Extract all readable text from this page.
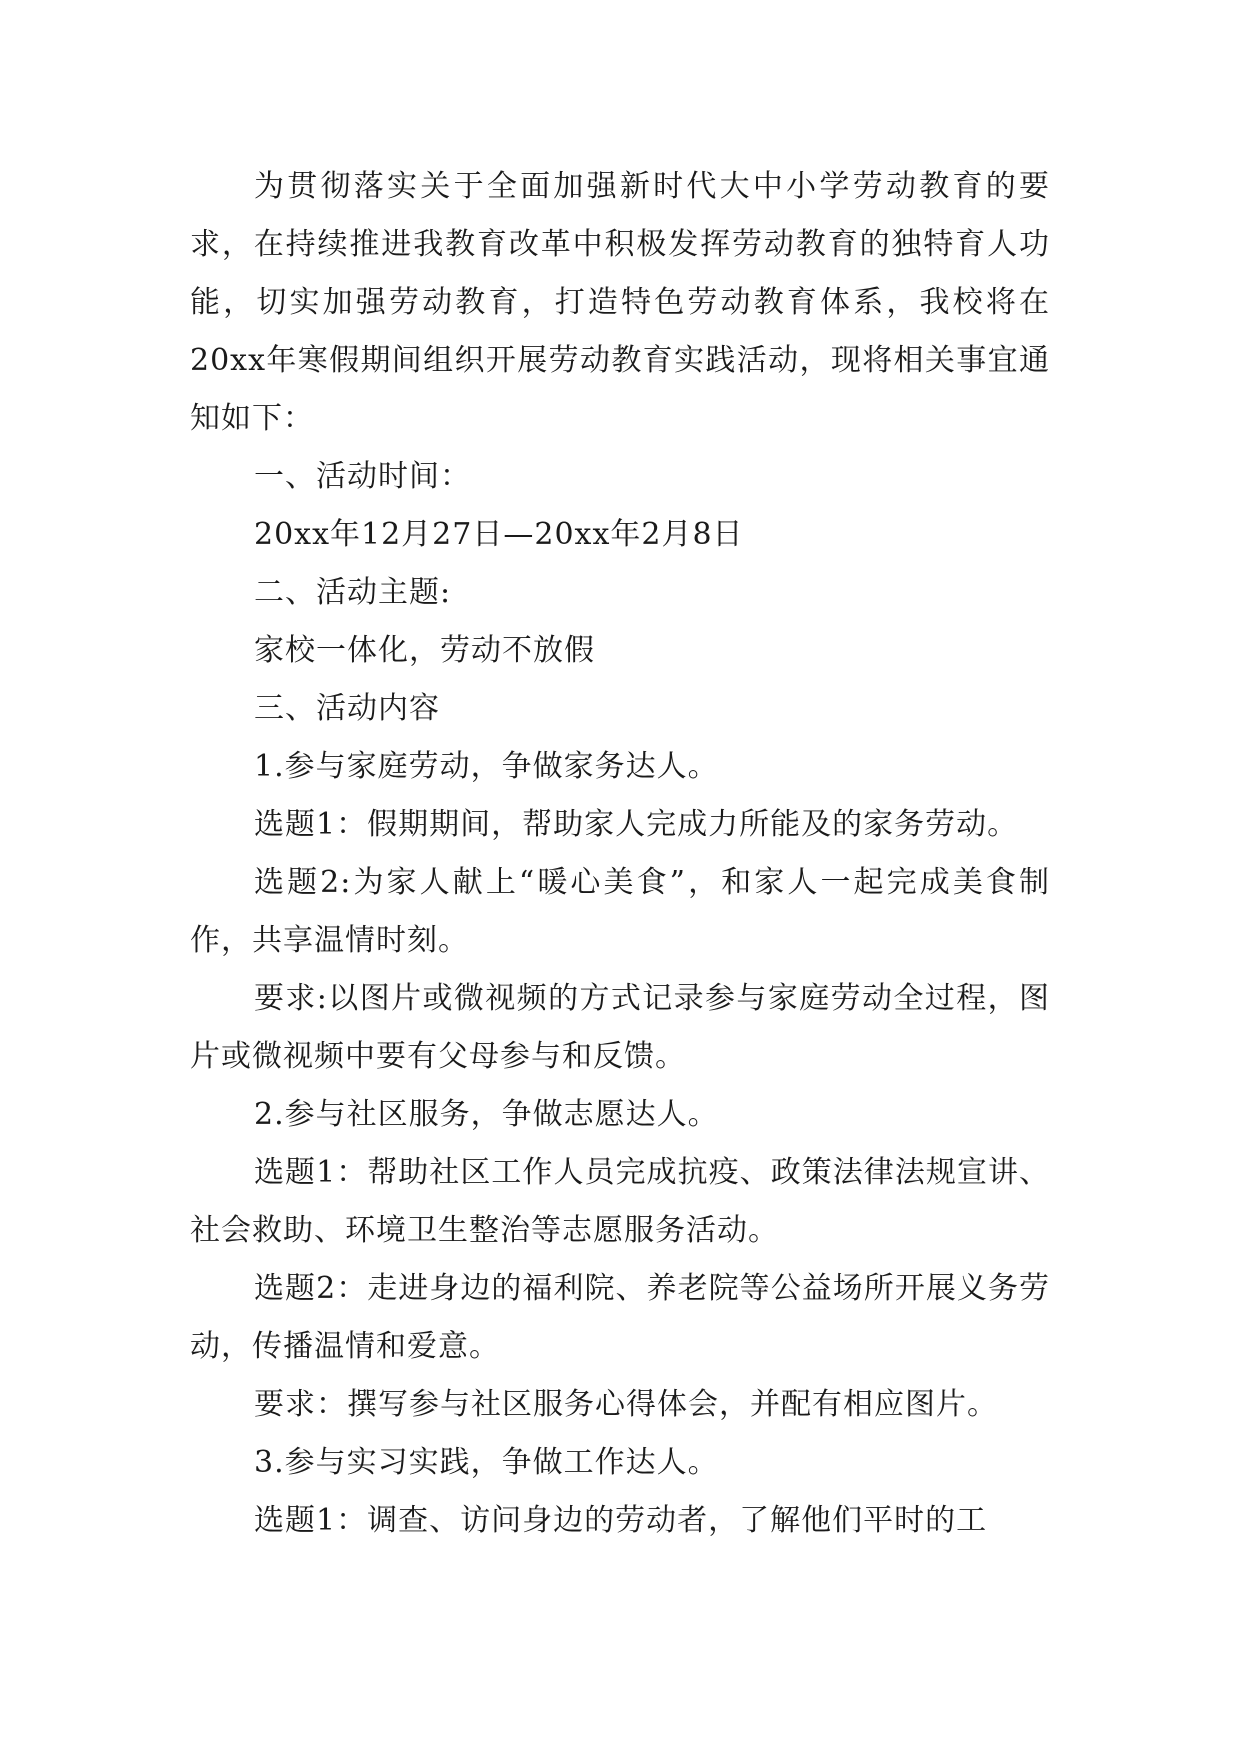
为贯彻落实关于全面加强新时代大中小学劳动教育的要求，在持续推进我教育改革中积极发挥劳动教育的独特育人功能，切实加强劳动教育，打造特色劳动教育体系，我校将在20xx年寒假期间组织开展劳动教育实践活动，现将相关事宜通知如下：

一、活动时间：

20xx年12月27日—20xx年2月8日

二、活动主题:

家校一体化，劳动不放假

三、活动内容

1.参与家庭劳动，争做家务达人。

选题1：假期期间，帮助家人完成力所能及的家务劳动。

选题2:为家人献上“暖心美食”，和家人一起完成美食制作，共享温情时刻。

要求:以图片或微视频的方式记录参与家庭劳动全过程，图片或微视频中要有父母参与和反馈。

2.参与社区服务，争做志愿达人。

选题1：帮助社区工作人员完成抗疫、政策法律法规宣讲、社会救助、环境卫生整治等志愿服务活动。

选题2：走进身边的福利院、养老院等公益场所开展义务劳动，传播温情和爱意。

要求：撰写参与社区服务心得体会，并配有相应图片。

3.参与实习实践，争做工作达人。

选题1：调查、访问身边的劳动者，了解他们平时的工
